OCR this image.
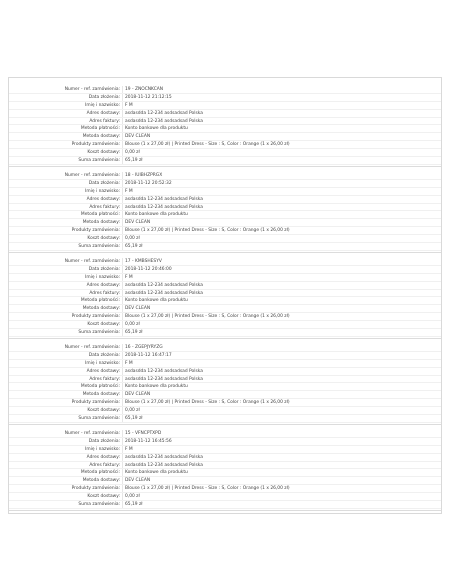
Numer - ref. zamówienia:	19 - ZNOCNKCAN
Data złożenia:	2018-11-12 21:12:15
Imię i nazwisko:	F M
Adres dostawy:	asdasdda 12-234 asdsadsad Polska
Adres faktury:	asdasdda 12-234 asdsadsad Polska
Metoda płatności:	Konto bankowe dla produktu
Metoda dostawy:	DEV CLEAN
Produkty zamówienia:	Blouse (1 x 27,00 zł) | Printed Dress - Size : S, Color : Orange (1 x 26,00 zł)
Koszt dostawy:	0,00 zł
Suma zamówienia:	65,19 zł
Numer - ref. zamówienia:	18 - IUIBHZPRGX
Data złożenia:	2018-11-12 20:52:32
Imię i nazwisko:	F M
Adres dostawy:	asdasdda 12-234 asdsadsad Polska
Adres faktury:	asdasdda 12-234 asdsadsad Polska
Metoda płatności:	Konto bankowe dla produktu
Metoda dostawy:	DEV CLEAN
Produkty zamówienia:	Blouse (1 x 27,00 zł) | Printed Dress - Size : S, Color : Orange (1 x 26,00 zł)
Koszt dostawy:	0,00 zł
Suma zamówienia:	65,19 zł
Numer - ref. zamówienia:	17 - KMBSHESYV
Data złożenia:	2018-11-12 20:46:00
Imię i nazwisko:	F M
Adres dostawy:	asdasdda 12-234 asdsadsad Polska
Adres faktury:	asdasdda 12-234 asdsadsad Polska
Metoda płatności:	Konto bankowe dla produktu
Metoda dostawy:	DEV CLEAN
Produkty zamówienia:	Blouse (1 x 27,00 zł) | Printed Dress - Size : S, Color : Orange (1 x 26,00 zł)
Koszt dostawy:	0,00 zł
Suma zamówienia:	65,19 zł
Numer - ref. zamówienia:	16 - ZGEPJYRYZG
Data złożenia:	2018-11-12 16:47:17
Imię i nazwisko:	F M
Adres dostawy:	asdasdda 12-234 asdsadsad Polska
Adres faktury:	asdasdda 12-234 asdsadsad Polska
Metoda płatności:	Konto bankowe dla produktu
Metoda dostawy:	DEV CLEAN
Produkty zamówienia:	Blouse (1 x 27,00 zł) | Printed Dress - Size : S, Color : Orange (1 x 26,00 zł)
Koszt dostawy:	0,00 zł
Suma zamówienia:	65,19 zł
Numer - ref. zamówienia:	15 - VFNCPTXPD
Data złożenia:	2018-11-12 16:45:56
Imię i nazwisko:	F M
Adres dostawy:	asdasdda 12-234 asdsadsad Polska
Adres faktury:	asdasdda 12-234 asdsadsad Polska
Metoda płatności:	Konto bankowe dla produktu
Metoda dostawy:	DEV CLEAN
Produkty zamówienia:	Blouse (1 x 27,00 zł) | Printed Dress - Size : S, Color : Orange (1 x 26,00 zł)
Koszt dostawy:	0,00 zł
Suma zamówienia:	65,19 zł
